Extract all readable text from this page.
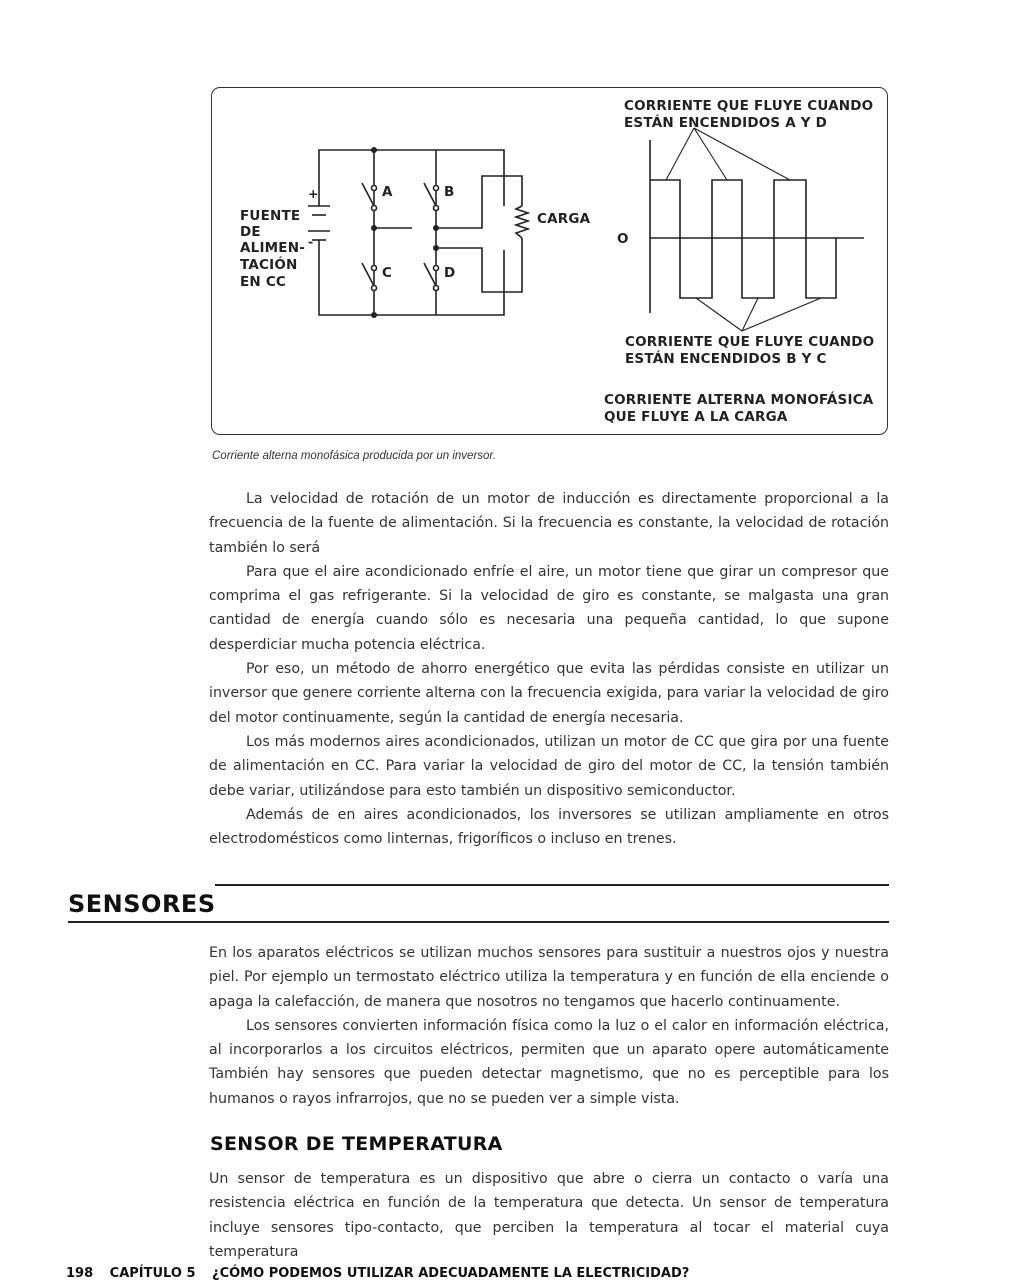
FUENTE
DE
ALIMEN-
TACIÓN
EN CC
+
-
A	B
C	D
CARGA
O
CORRIENTE QUE FLUYE CUANDO
ESTÁN ENCENDIDOS A Y D
CORRIENTE QUE FLUYE CUANDO
ESTÁN ENCENDIDOS B Y C
CORRIENTE ALTERNA MONOFÁSICA
QUE FLUYE A LA CARGA
Corriente alterna monofásica producida por un inversor.

La velocidad de rotación de un motor de inducción es directamente proporcional a la frecuencia de la fuente de alimentación. Si la frecuencia es constante, la velocidad de rotación también lo será

Para que el aire acondicionado enfríe el aire, un motor tiene que girar un compresor que comprima el gas refrigerante. Si la velocidad de giro es constante, se malgasta una gran cantidad de energía cuando sólo es necesaria una pequeña cantidad, lo que supone desperdiciar mucha potencia eléctrica.

Por eso, un método de ahorro energético que evita las pérdidas consiste en utilizar un inversor que genere corriente alterna con la frecuencia exigida, para variar la velocidad de giro del motor continuamente, según la cantidad de energía necesaria.

Los más modernos aires acondicionados, utilizan un motor de CC que gira por una fuente de alimentación en CC. Para variar la velocidad de giro del motor de CC, la tensión también debe variar, utilizándose para esto también un dispositivo semiconductor.

Además de en aires acondicionados, los inversores se utilizan ampliamente en otros electrodomésticos como linternas, frigoríficos o incluso en trenes.

SENSORES

En los aparatos eléctricos se utilizan muchos sensores para sustituir a nuestros ojos y nuestra piel. Por ejemplo un termostato eléctrico utiliza la temperatura y en función de ella enciende o apaga la calefacción, de manera que nosotros no tengamos que hacerlo continuamente.

Los sensores convierten información física como la luz o el calor en información eléctrica, al incorporarlos a los circuitos eléctricos, permiten que un aparato opere automáticamente También hay sensores que pueden detectar magnetismo, que no es perceptible para los humanos o rayos infrarrojos, que no se pueden ver a simple vista.

SENSOR DE TEMPERATURA

Un sensor de temperatura es un dispositivo que abre o cierra un contacto o varía una resistencia eléctrica en función de la temperatura que detecta. Un sensor de temperatura incluye sensores tipo-contacto, que perciben la temperatura al tocar el material cuya temperatura

198 CAPÍTULO 5 ¿CÓMO PODEMOS UTILIZAR ADECUADAMENTE LA ELECTRICIDAD?
